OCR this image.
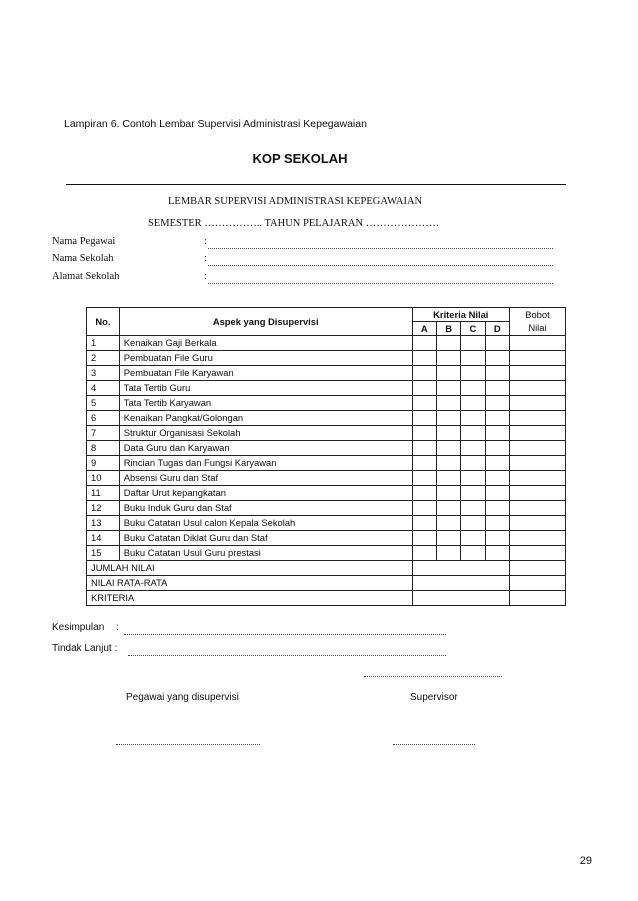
Lampiran 6. Contoh Lembar Supervisi Administrasi Kepegawaian
KOP SEKOLAH
LEMBAR SUPERVISI ADMINISTRASI KEPEGAWAIAN
SEMESTER …………….. TAHUN PELAJARAN …………………
Nama Pegawai	:
Nama Sekolah	:
Alamat Sekolah	:
No.	Aspek yang Disupervisi	Kriteria Nilai				Bobot
Nilai

		A	B	C	D	
1	Kenaikan Gaji Berkala					
2	Pembuatan File Guru					
3	Pembuatan File Karyawan					
4	Tata Tertib Guru					
5	Tata Tertib Karyawan					
6	Kenaikan Pangkat/Golongan					
7	Struktur Organisasi Sekolah					
8	Data Guru dan Karyawan					
9	Rincian Tugas dan Fungsi Karyawan					
10	Absensi Guru dan Staf					
11	Daftar Urut kepangkatan					
12	Buku Induk Guru dan Staf					
13	Buku Catatan Usul calon Kepala Sekolah					
14	Buku Catatan Diklat Guru dan Staf					
15	Buku Catatan Usul Guru prestasi					
JUMLAH NILAI						
NILAI RATA-RATA						
KRITERIA						
Kesimpulan :
Tindak Lanjut :
Pegawai yang disupervisi	Supervisor
29
